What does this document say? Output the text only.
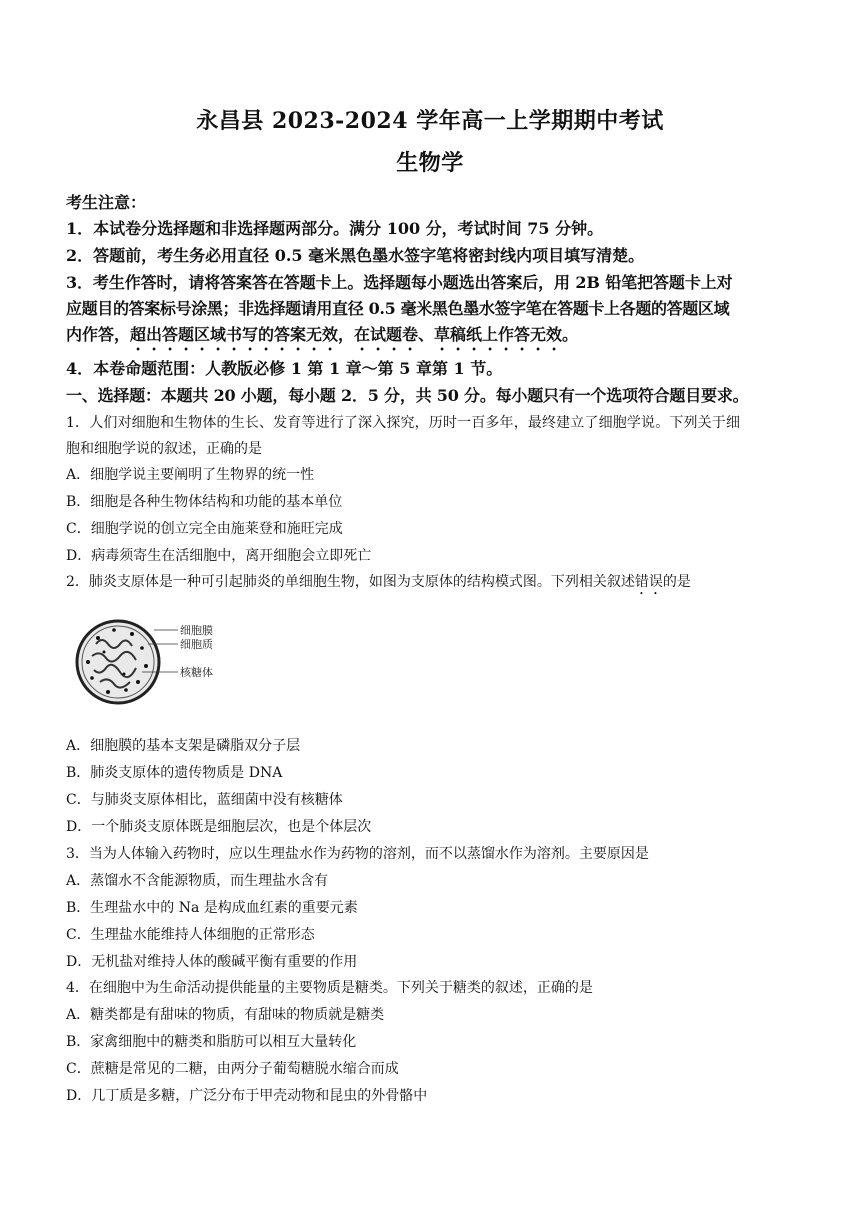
永昌县 2023-2024 学年高一上学期期中考试
生物学
考生注意：
1．本试卷分选择题和非选择题两部分。满分 100 分，考试时间 75 分钟。
2．答题前，考生务必用直径 0.5 毫米黑色墨水签字笔将密封线内项目填写清楚。
3．考生作答时，请将答案答在答题卡上。选择题每小题选出答案后，用 2B 铅笔把答题卡上对
应题目的答案标号涂黑；非选择题请用直径 0.5 毫米黑色墨水签字笔在答题卡上各题的答题区域
内作答，超出答题区域书写的答案无效，在试题卷、草稿纸上作答无效。
4．本卷命题范围：人教版必修 1 第 1 章～第 5 章第 1 节。
一、选择题：本题共 20 小题，每小题 2．5 分，共 50 分。每小题只有一个选项符合题目要求。
1．人们对细胞和生物体的生长、发育等进行了深入探究，历时一百多年，最终建立了细胞学说。下列关于细
胞和细胞学说的叙述，正确的是
A．细胞学说主要阐明了生物界的统一性
B．细胞是各种生物体结构和功能的基本单位
C．细胞学说的创立完全由施莱登和施旺完成
D．病毒须寄生在活细胞中，离开细胞会立即死亡
2．肺炎支原体是一种可引起肺炎的单细胞生物，如图为支原体的结构模式图。下列相关叙述错误的是
细胞膜
细胞质
核糖体
A．细胞膜的基本支架是磷脂双分子层
B．肺炎支原体的遗传物质是 DNA
C．与肺炎支原体相比，蓝细菌中没有核糖体
D．一个肺炎支原体既是细胞层次，也是个体层次
3．当为人体输入药物时，应以生理盐水作为药物的溶剂，而不以蒸馏水作为溶剂。主要原因是
A．蒸馏水不含能源物质，而生理盐水含有
B．生理盐水中的 Na 是构成血红素的重要元素
C．生理盐水能维持人体细胞的正常形态
D．无机盐对维持人体的酸碱平衡有重要的作用
4．在细胞中为生命活动提供能量的主要物质是糖类。下列关于糖类的叙述，正确的是
A．糖类都是有甜味的物质，有甜味的物质就是糖类
B．家禽细胞中的糖类和脂肪可以相互大量转化
C．蔗糖是常见的二糖，由两分子葡萄糖脱水缩合而成
D．几丁质是多糖，广泛分布于甲壳动物和昆虫的外骨骼中
